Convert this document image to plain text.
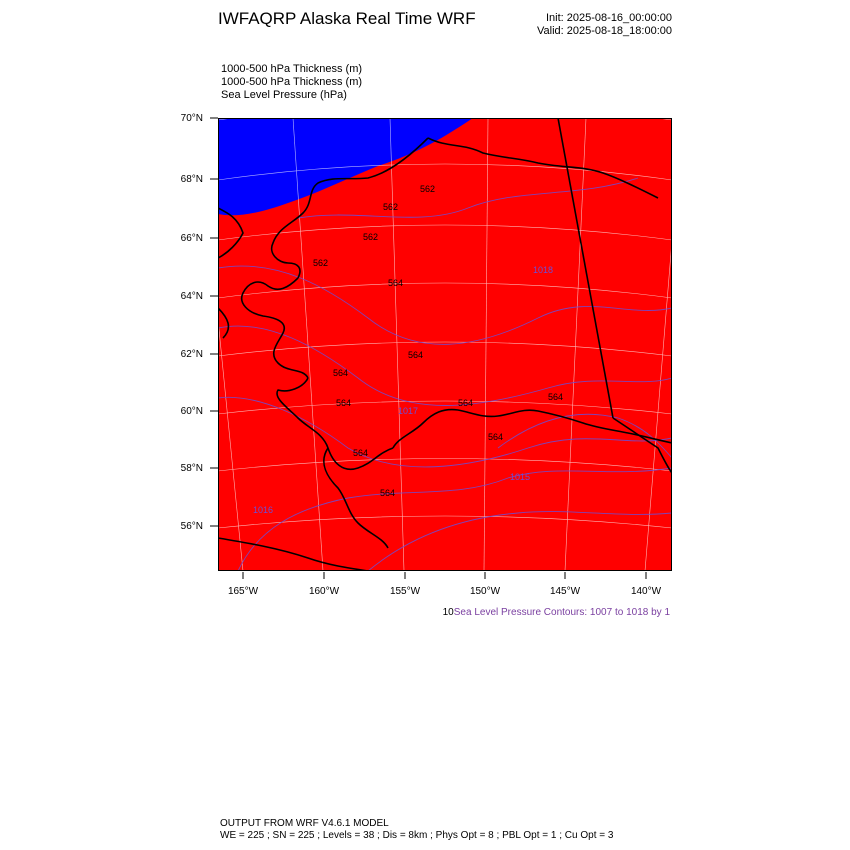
IWFAQRP Alaska Real Time WRF	Init: 2025-08-16_00:00:00
Valid: 2025-08-18_18:00:00
1000-500 hPa Thickness (m)
1000-500 hPa Thickness (m)
Sea Level Pressure (hPa)
70°N
68°N
66°N
64°N
62°N
60°N
58°N
56°N
165°W	160°W	155°W	150°W	145°W	140°W
562
562
562
564
562
564
564
564	564
564
564
564
564
1015
1016
1017
1018
10Sea Level Pressure Contours: 1007 to 1018 by 1
OUTPUT FROM WRF V4.6.1 MODEL
WE = 225 ; SN = 225 ; Levels = 38 ; Dis = 8km ; Phys Opt = 8 ; PBL Opt = 1 ; Cu Opt = 3
